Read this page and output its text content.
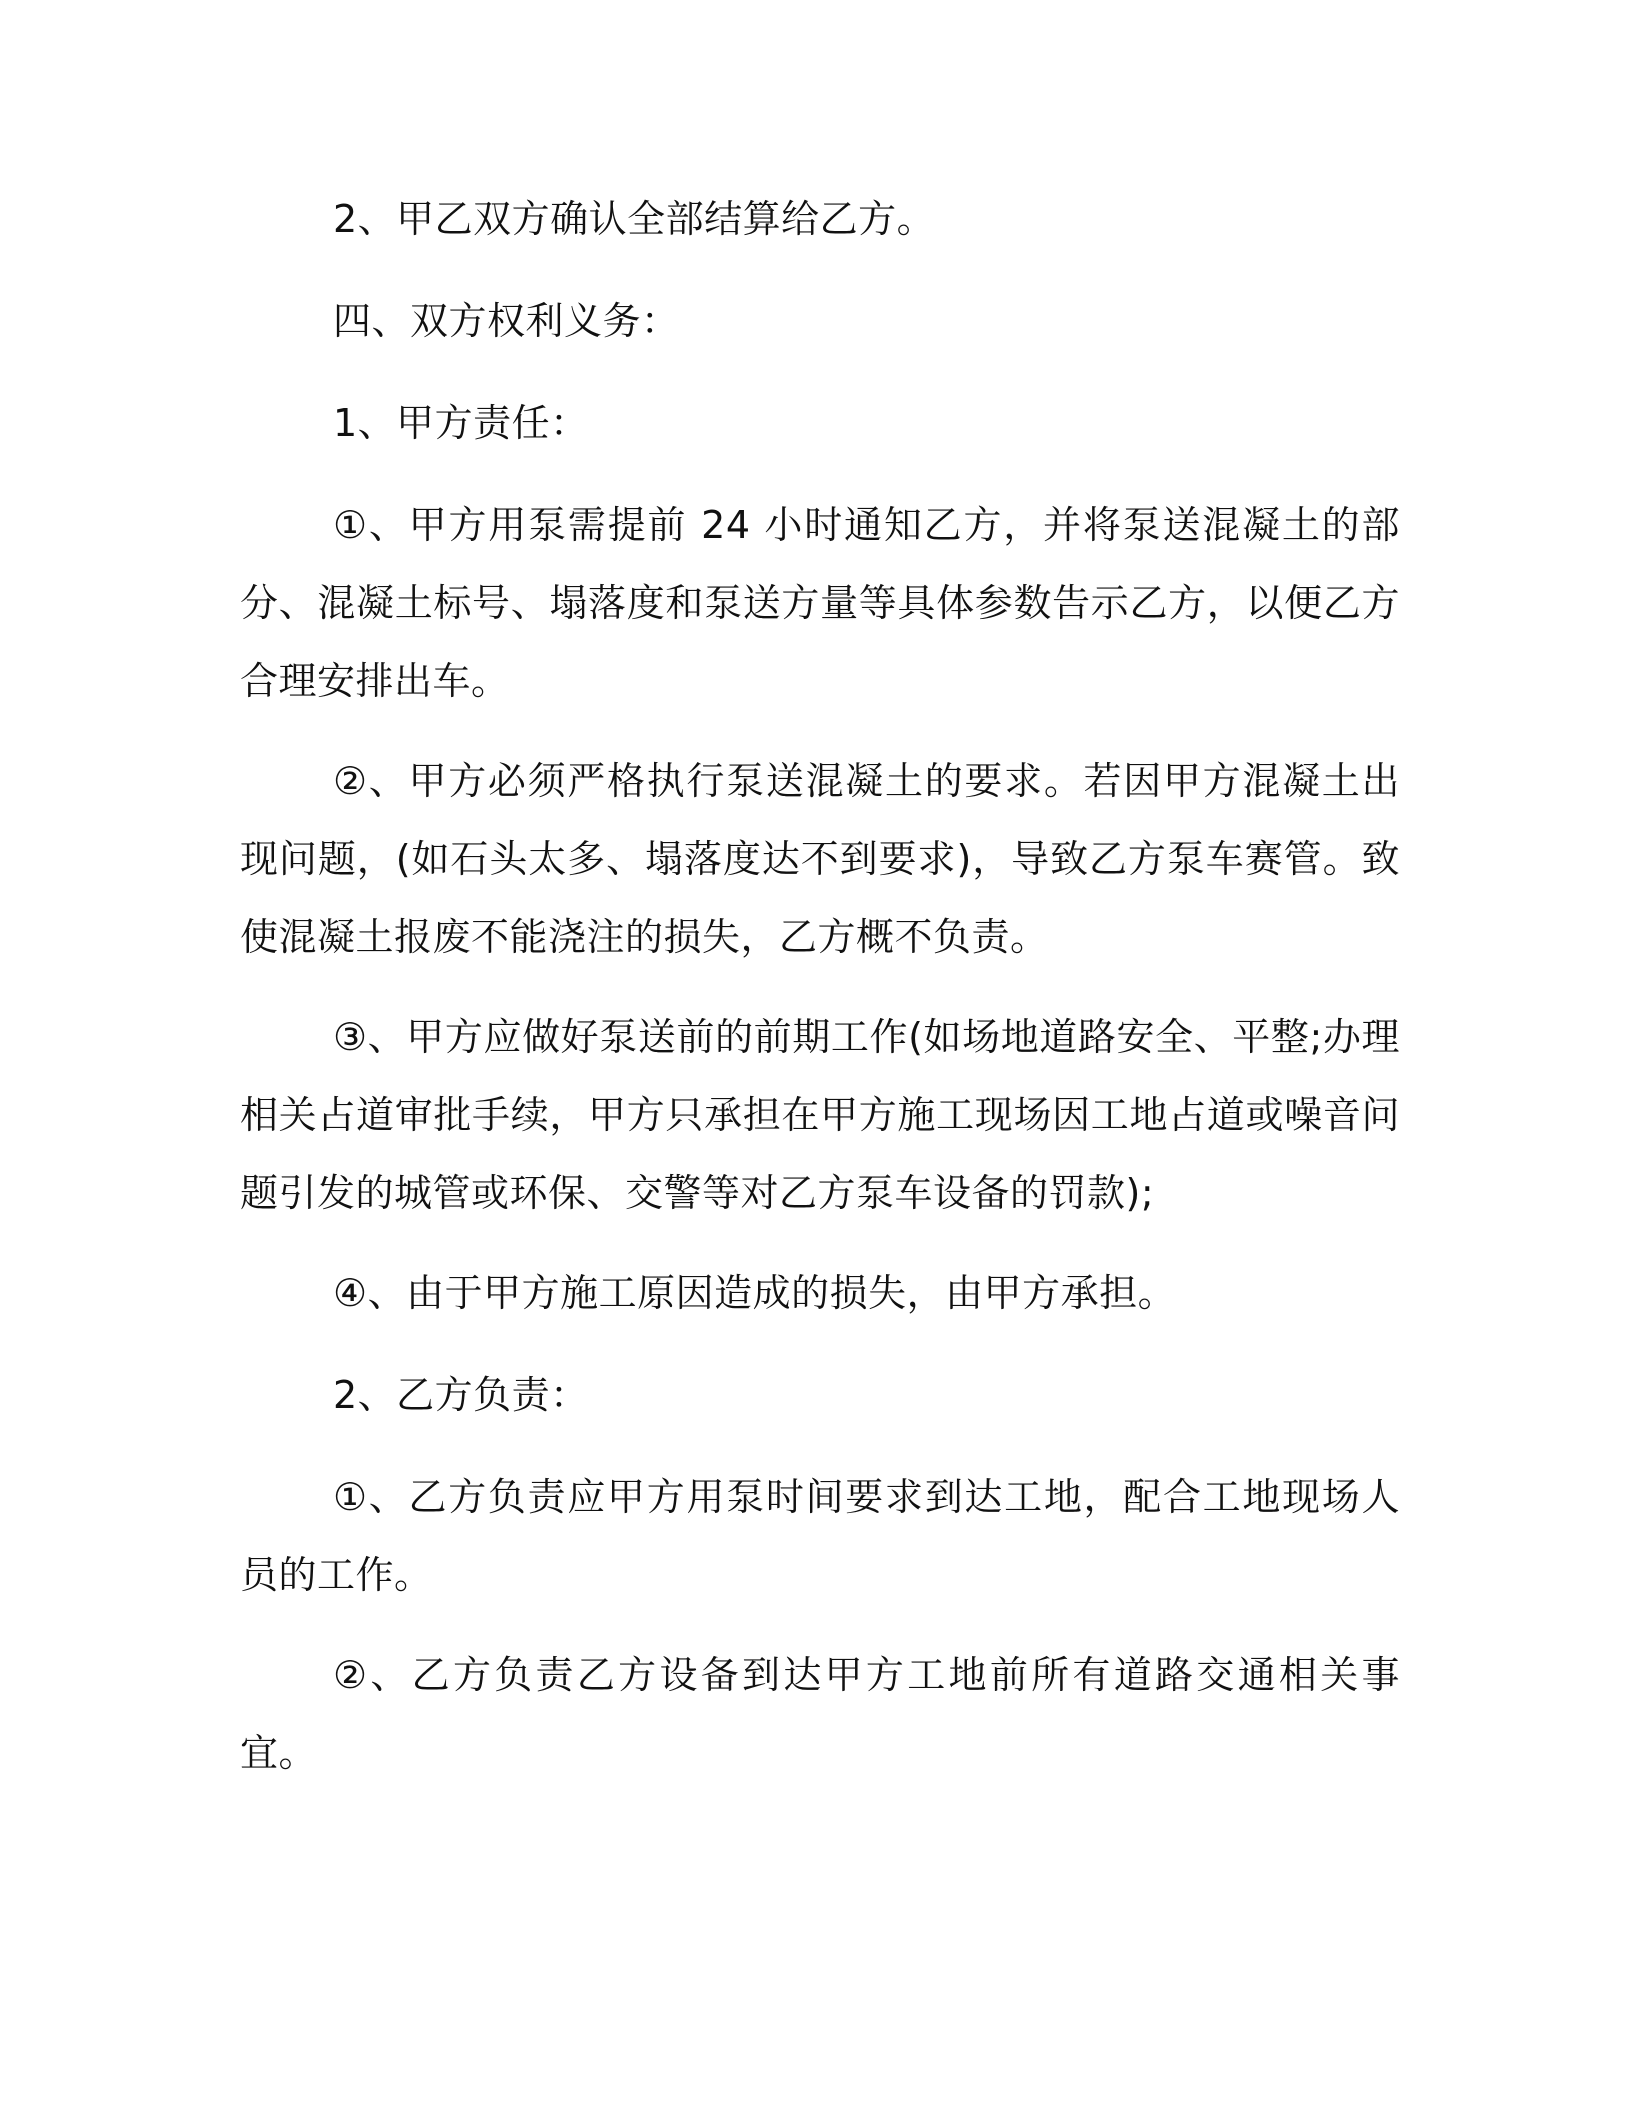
2、甲乙双方确认全部结算给乙方。

四、双方权利义务：

1、甲方责任：

①、甲方用泵需提前 24 小时通知乙方，并将泵送混凝土的部分、混凝土标号、塌落度和泵送方量等具体参数告示乙方，以便乙方合理安排出车。

②、甲方必须严格执行泵送混凝土的要求。若因甲方混凝土出现问题，(如石头太多、塌落度达不到要求)，导致乙方泵车赛管。致使混凝土报废不能浇注的损失，乙方概不负责。

③、甲方应做好泵送前的前期工作(如场地道路安全、平整;办理相关占道审批手续，甲方只承担在甲方施工现场因工地占道或噪音问题引发的城管或环保、交警等对乙方泵车设备的罚款);

④、由于甲方施工原因造成的损失，由甲方承担。

2、乙方负责：

①、乙方负责应甲方用泵时间要求到达工地，配合工地现场人员的工作。

②、乙方负责乙方设备到达甲方工地前所有道路交通相关事宜。
